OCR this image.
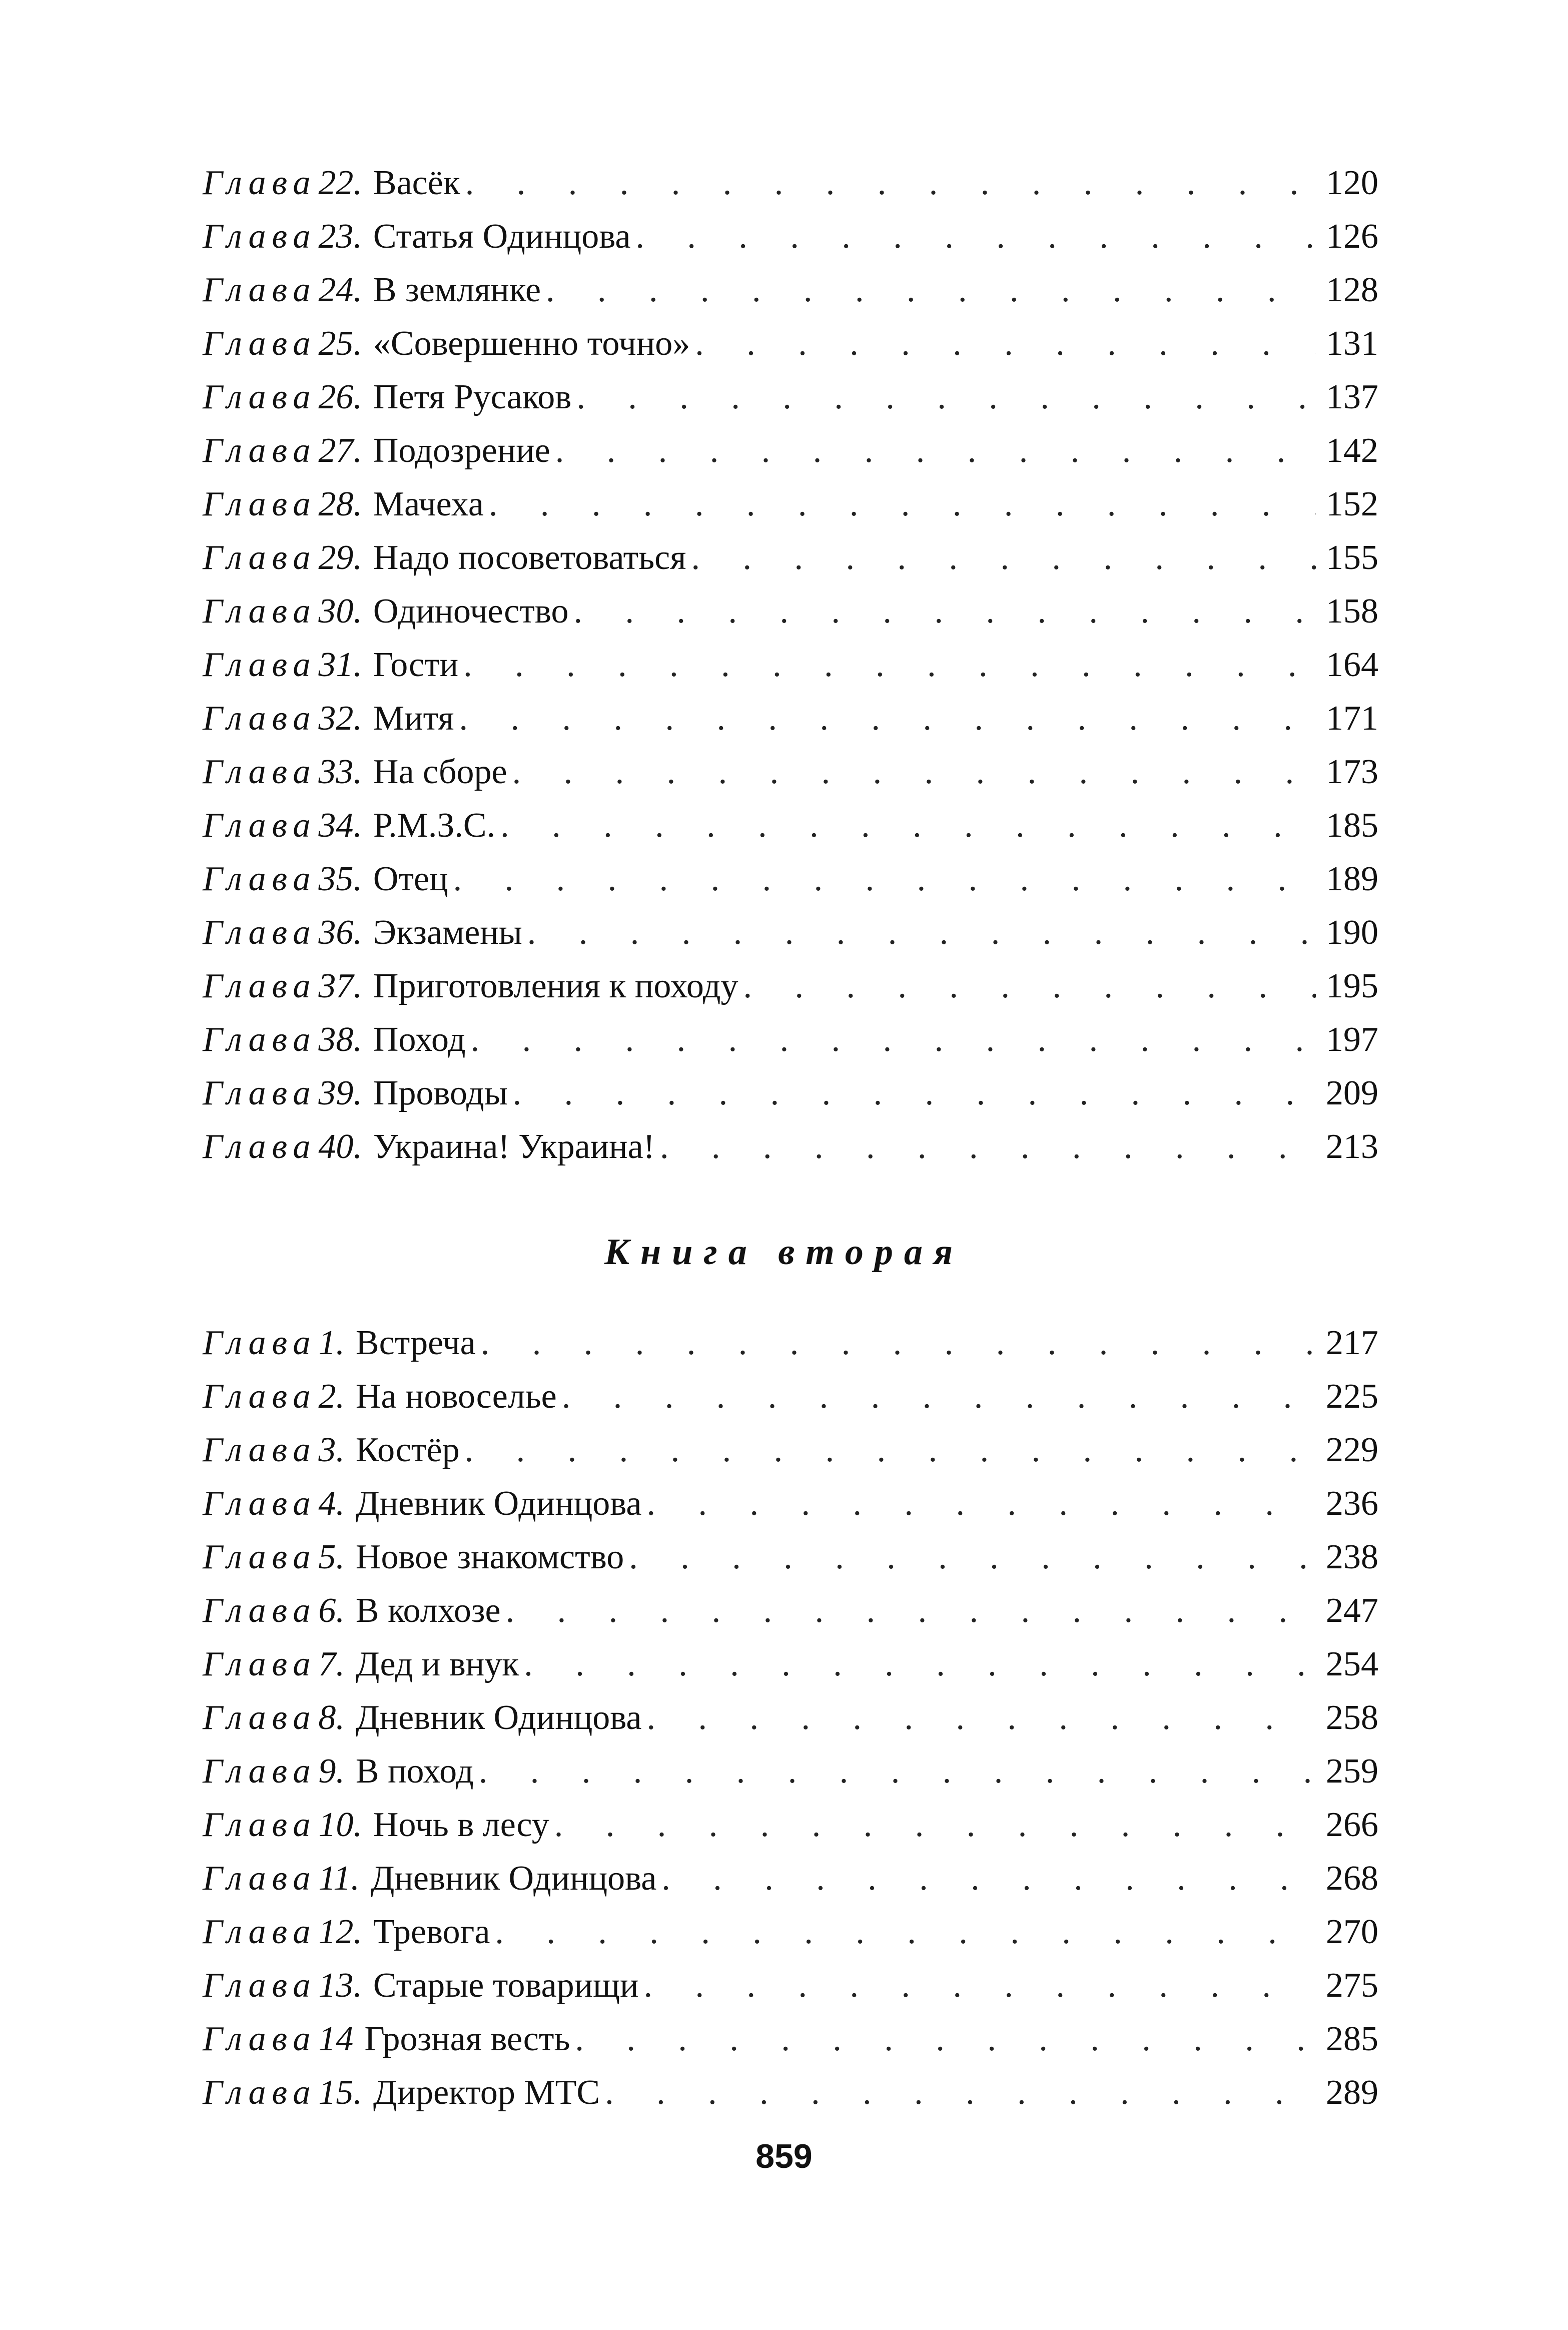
Глава 22. Васёк . . .	120
Глава 23. Статья Одинцова . . .	126
Глава 24. В землянке . . .	128
Глава 25. «Совершенно точно» . . .	131
Глава 26. Петя Русаков . . .	137
Глава 27. Подозрение . . .	142
Глава 28. Мачеха . . .	152
Глава 29. Надо посоветоваться . . .	155
Глава 30. Одиночество . . .	158
Глава 31. Гости . . .	164
Глава 32. Митя . . .	171
Глава 33. На сборе . . .	173
Глава 34. Р.М.З.С. . . .	185
Глава 35. Отец . . .	189
Глава 36. Экзамены . . .	190
Глава 37. Приготовления к походу . . .	195
Глава 38. Поход . . .	197
Глава 39. Проводы . . .	209
Глава 40. Украина! Украина! . . .	213
Книга вторая
Глава 1. Встреча . . .	217
Глава 2. На новоселье . . .	225
Глава 3. Костёр . . .	229
Глава 4. Дневник Одинцова . . .	236
Глава 5. Новое знакомство . . .	238
Глава 6. В колхозе . . .	247
Глава 7. Дед и внук . . .	254
Глава 8. Дневник Одинцова . . .	258
Глава 9. В поход . . .	259
Глава 10. Ночь в лесу . . .	266
Глава 11. Дневник Одинцова . . .	268
Глава 12. Тревога . . .	270
Глава 13. Старые товарищи . . .	275
Глава 14 Грозная весть . . .	285
Глава 15. Директор МТС . . .	289
859
